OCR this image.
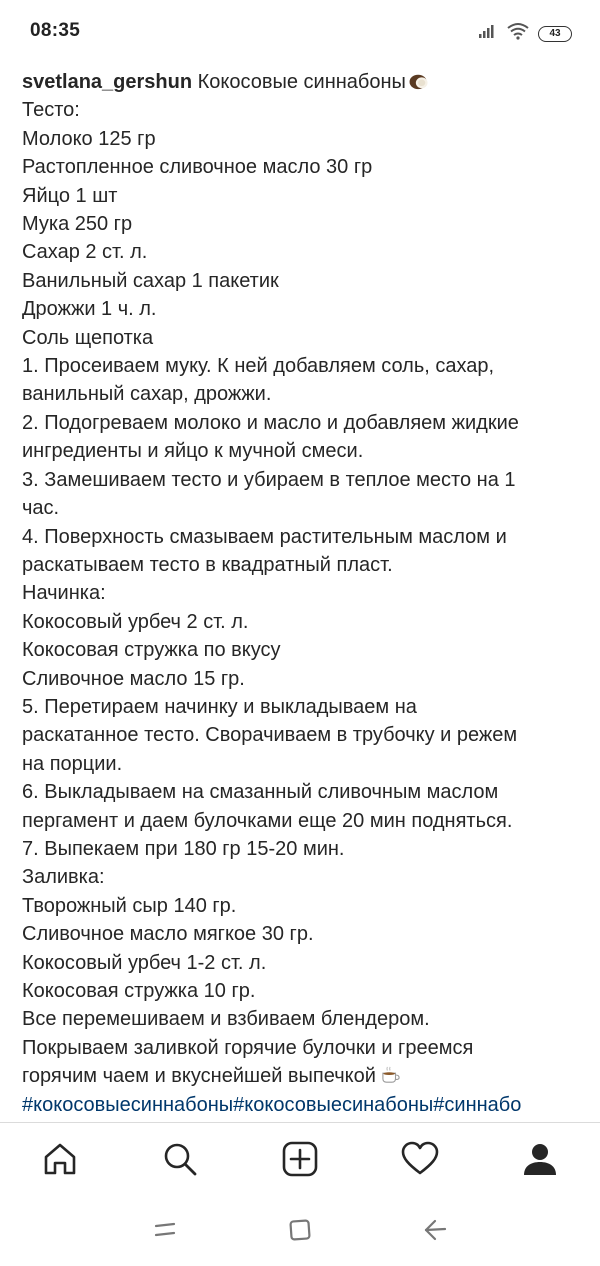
08:35	43
svetlana_gershun Кокосовые синнабоны
Тесто:
Молоко 125 гр
Растопленное сливочное масло 30 гр
Яйцо 1 шт
Мука 250 гр
Сахар 2 ст. л.
Ванильный сахар 1 пакетик
Дрожжи 1 ч. л.
Соль щепотка
1. Просеиваем муку. К ней добавляем соль, сахар,
ванильный сахар, дрожжи.
2. Подогреваем молоко и масло и добавляем жидкие
ингредиенты и яйцо к мучной смеси.
3. Замешиваем тесто и убираем в теплое место на 1
час.
4. Поверхность смазываем растительным маслом и
раскатываем тесто в квадратный пласт.
Начинка:
Кокосовый урбеч 2 ст. л.
Кокосовая стружка по вкусу
Сливочное масло 15 гр.
5. Перетираем начинку и выкладываем на
раскатанное тесто. Сворачиваем в трубочку и режем
на порции.
6. Выкладываем на смазанный сливочным маслом
пергамент и даем булочками еще 20 мин подняться.
7. Выпекаем при 180 гр 15-20 мин.
Заливка:
Творожный сыр 140 гр.
Сливочное масло мягкое 30 гр.
Кокосовый урбеч 1-2 ст. л.
Кокосовая стружка 10 гр.
Все перемешиваем и взбиваем блендером.
Покрываем заливкой горячие булочки и греемся
горячим чаем и вкуснейшей выпечкой
#кокосовыесиннабоны#кокосовыесинабоны#синнабо
